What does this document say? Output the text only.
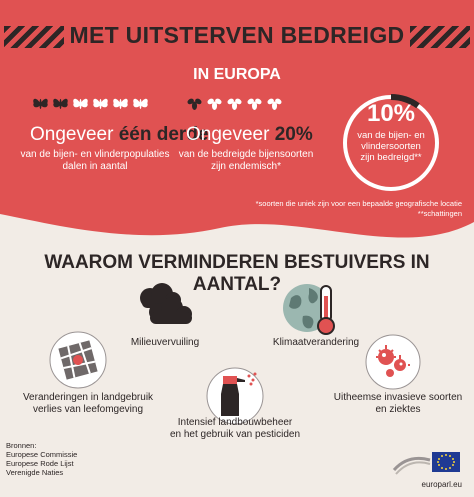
MET UITSTERVEN BEDREIGD
IN EUROPA
Ongeveer één derde
van de bijen- en vlinderpopulaties
dalen in aantal
Ongeveer 20%
van de bedreigde bijensoorten
zijn endemisch*
10%
van de bijen- en
vlindersoorten
zijn bedreigd**
*soorten die uniek zijn voor een bepaalde geografische locatie
**schattingen
WAAROM VERMINDEREN BESTUIVERS IN AANTAL?
Milieuvervuiling	Klimaatverandering
Veranderingen in landgebruik
verlies van leefomgeving
Intensief landbouwbeheer
en het gebruik van pesticiden
Uitheemse invasieve soorten
en ziektes
Bronnen:
Europese Commissie
Europese Rode Lijst
Verenigde Naties
europarl.eu
